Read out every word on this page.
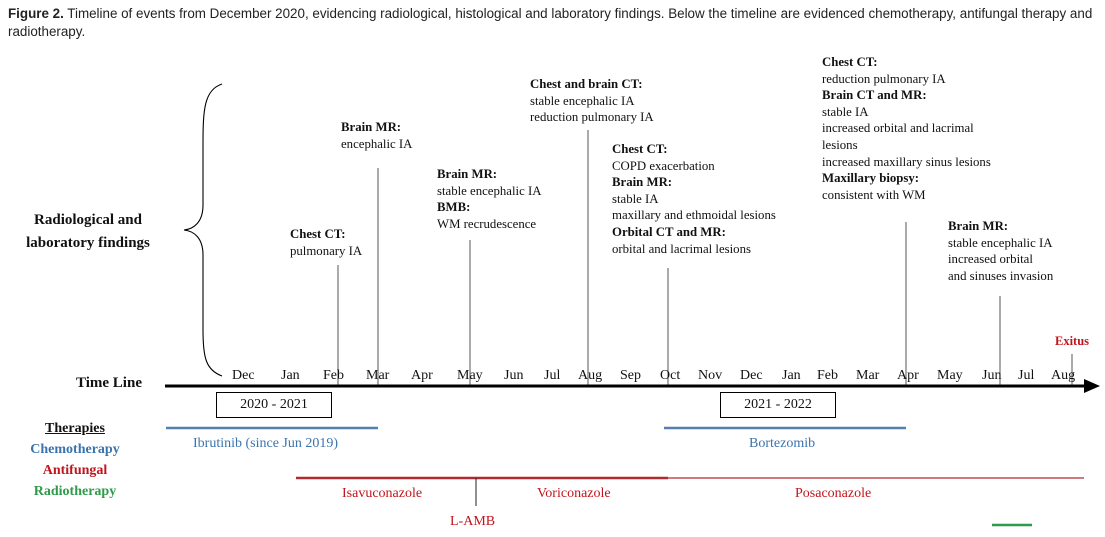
Figure 2. Timeline of events from December 2020, evidencing radiological, histological and laboratory findings. Below the timeline are evidenced chemotherapy, antifungal therapy and radiotherapy.
Radiological and
laboratory findings
Time Line	Dec Jan Feb Mar Apr May Jun Jul Aug Sep Oct Nov Dec Jan Feb Mar Apr May Jun Jul Aug
2020 - 2021	2021 - 2022
Chest CT:
pulmonary IA
Brain MR:
encephalic IA
Brain MR:
stable encephalic IA
BMB:
WM recrudescence
Chest and brain CT:
stable encephalic IA
reduction pulmonary IA
Chest CT:
COPD exacerbation
Brain MR:
stable IA
maxillary and ethmoidal lesions
Orbital CT and MR:
orbital and lacrimal lesions
Chest CT:
reduction pulmonary IA
Brain CT and MR:
stable IA
increased orbital and lacrimal
lesions
increased maxillary sinus lesions
Maxillary biopsy:
consistent with WM
Brain MR:
stable encephalic IA
increased orbital
and sinuses invasion
Exitus
Therapies
Chemotherapy
Antifungal
Radiotherapy
Ibrutinib (since Jun 2019)	Bortezomib
Isavuconazole	Voriconazole	Posaconazole
L-AMB
